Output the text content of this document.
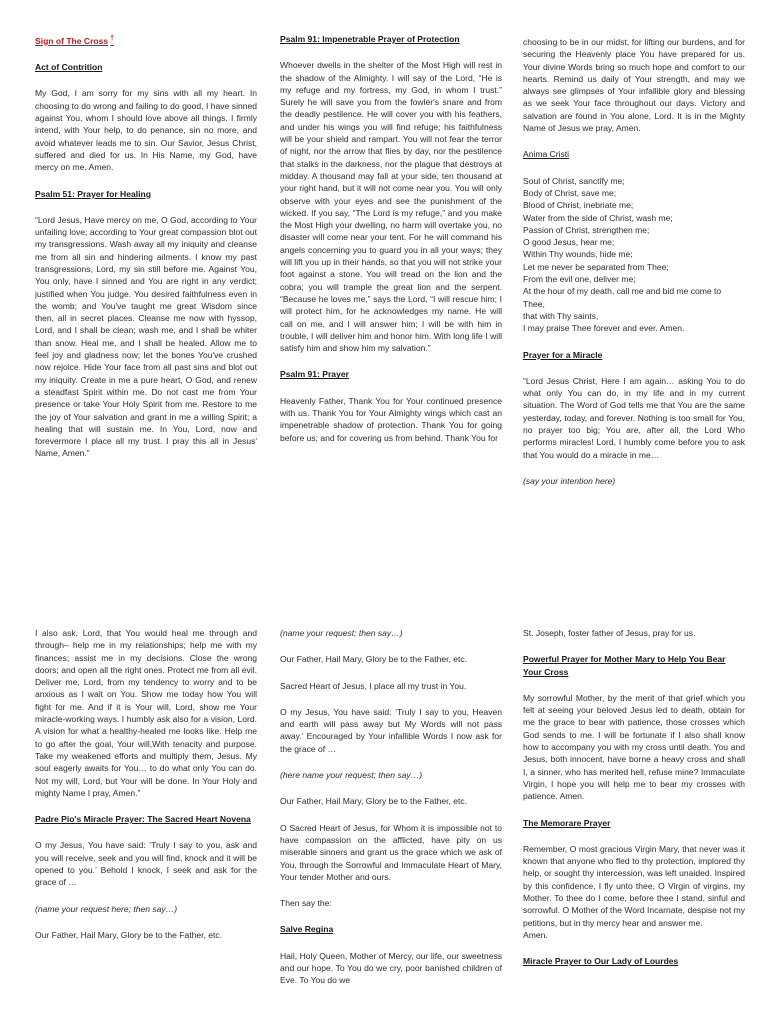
Sign of The Cross †
Act of Contrition
My God, I am sorry for my sins with all my heart. In choosing to do wrong and failing to do good, I have sinned against You, whom I should love above all things. I firmly intend, with Your help, to do penance, sin no more, and avoid whatever leads me to sin. Our Savior, Jesus Christ, suffered and died for us. In His Name, my God, have mercy on me. Amen.
Psalm 51: Prayer for Healing
“Lord Jesus, Have mercy on me, O God, according to Your unfailing love; according to Your great compassion blot out my transgressions. Wash away all my iniquity and cleanse me from all sin and hindering ailments. I know my past transgressions, Lord, my sin still before me. Against You, You only, have I sinned and You are right in any verdict; justified when You judge. You desired faithfulness even in the womb; and You've taught me great Wisdom since then, all in secret places. Cleanse me now with hyssop, Lord, and I shall be clean; wash me, and I shall be whiter than snow. Heal me, and I shall be healed. Allow me to feel joy and gladness now; let the bones You've crushed now rejoice. Hide Your face from all past sins and blot out my iniquity. Create in me a pure heart, O God, and renew a steadfast Spirit within me. Do not cast me from Your presence or take Your Holy Spirit from me. Restore to me the joy of Your salvation and grant in me a willing Spirit; a healing that will sustain me. In You, Lord, now and forevermore I place all my trust. I pray this all in Jesus' Name, Amen.”
Psalm 91: Impenetrable Prayer of Protection
Whoever dwells in the shelter of the Most High will rest in the shadow of the Almighty. I will say of the Lord, “He is my refuge and my fortress, my God, in whom I trust.” Surely he will save you from the fowler's snare and from the deadly pestilence. He will cover you with his feathers, and under his wings you will find refuge; his faithfulness will be your shield and rampart. You will not fear the terror of night, nor the arrow that flies by day, nor the pestilence that stalks in the darkness, nor the plague that destroys at midday. A thousand may fall at your side, ten thousand at your right hand, but it will not come near you. You will only observe with your eyes and see the punishment of the wicked. If you say, “The Lord is my refuge,” and you make the Most High your dwelling, no harm will overtake you, no disaster will come near your tent. For he will command his angels concerning you to guard you in all your ways; they will lift you up in their hands, so that you will not strike your foot against a stone. You will tread on the lion and the cobra; you will trample the great lion and the serpent. “Because he loves me,” says the Lord, “I will rescue him; I will protect him, for he acknowledges my name. He will call on me, and I will answer him; I will be with him in trouble, I will deliver him and honor him. With long life I will satisfy him and show him my salvation.”
Psalm 91: Prayer
Heavenly Father, Thank You for Your continued presence with us. Thank You for Your Almighty wings which cast an impenetrable shadow of protection. Thank You for going before us; and for covering us from behind. Thank You for
choosing to be in our midst, for lifting our burdens, and for securing the Heavenly place You have prepared for us. Your divine Words bring so much hope and comfort to our hearts. Remind us daily of Your strength, and may we always see glimpses of Your infallible glory and blessing as we seek Your face throughout our days. Victory and salvation are found in You alone, Lord. It is in the Mighty Name of Jesus we pray, Amen.
Anima Cristi
Soul of Christ, sanctify me;
Body of Christ, save me;
Blood of Christ, inebriate me;
Water from the side of Christ, wash me;
Passion of Christ, strengthen me;
O good Jesus, hear me;
Within Thy wounds, hide me;
Let me never be separated from Thee;
From the evil one, deliver me;
At the hour of my death, call me and bid me come to Thee,
that with Thy saints,
I may praise Thee forever and ever. Amen.
Prayer for a Miracle
“Lord Jesus Christ, Here I am again… asking You to do what only You can do, in my life and in my current situation. The Word of God tells me that You are the same yesterday, today, and forever. Nothing is too small for You, no prayer too big; You are, after all, the Lord Who performs miracles! Lord, I humbly come before you to ask that You would do a miracle in me…
(say your intention here)
I also ask, Lord, that You would heal me through and through– help me in my relationships; help me with my finances; assist me in my decisions. Close the wrong doors; and open all the right ones. Protect me from all evil. Deliver me, Lord, from my tendency to worry and to be anxious as I wait on You. Show me today how You will fight for me. And if it is Your will, Lord, show me Your miracle-working ways. I humbly ask also for a vision, Lord. A vision for what a healthy-healed me looks like. Help me to go after the goal, Your will,With tenacity and purpose. Take my weakened efforts and multiply them, Jesus. My soul eagerly awaits for You… to do what only You can do. Not my will, Lord, but Your will be done. In Your Holy and mighty Name I pray, Amen.”
Padre Pio's Miracle Prayer: The Sacred Heart Novena
O my Jesus, You have said: ‘Truly I say to you, ask and you will receive, seek and you will find, knock and it will be opened to you.’ Behold I knock, I seek and ask for the grace of …
(name your request here; then say…)
Our Father, Hail Mary, Glory be to the Father, etc.
(name your request; then say…)
Our Father, Hail Mary, Glory be to the Father, etc.
Sacred Heart of Jesus, I place all my trust in You.
O my Jesus, You have said: ‘Truly I say to you, Heaven and earth will pass away but My Words will not pass away.’ Encouraged by Your infallible Words I now ask for the grace of …
(here name your request; then say…)
Our Father, Hail Mary, Glory be to the Father, etc.
O Sacred Heart of Jesus, for Whom it is impossible not to have compassion on the afflicted, have pity on us miserable sinners and grant us the grace which we ask of You, through the Sorrowful and Immaculate Heart of Mary, Your tender Mother and ours.
Then say the:
Salve Regina
Hail, Holy Queen, Mother of Mercy, our life, our sweetness and our hope. To You do we cry, poor banished children of Eve. To You do we
St. Joseph, foster father of Jesus, pray for us.
Powerful Prayer for Mother Mary to Help You Bear Your Cross
My sorrowful Mother, by the merit of that grief which you felt at seeing your beloved Jesus led to death, obtain for me the grace to bear with patience, those crosses which God sends to me. I will be fortunate if I also shall know how to accompany you with my cross until death. You and Jesus, both innocent, have borne a heavy cross and shall I, a sinner, who has merited hell, refuse mine? Immaculate Virgin, I hope you will help me to bear my crosses with patience. Amen.
The Memorare Prayer
Remember, O most gracious Virgin Mary, that never was it known that anyone who fled to thy protection, implored thy help, or sought thy intercession, was left unaided. Inspired by this confidence, I fly unto thee, O Virgin of virgins, my Mother. To thee do I come, before thee I stand, sinful and sorrowful. O Mother of the Word Incarnate, despise not my petitions, but in thy mercy hear and answer me.
Amen.
Miracle Prayer to Our Lady of Lourdes
